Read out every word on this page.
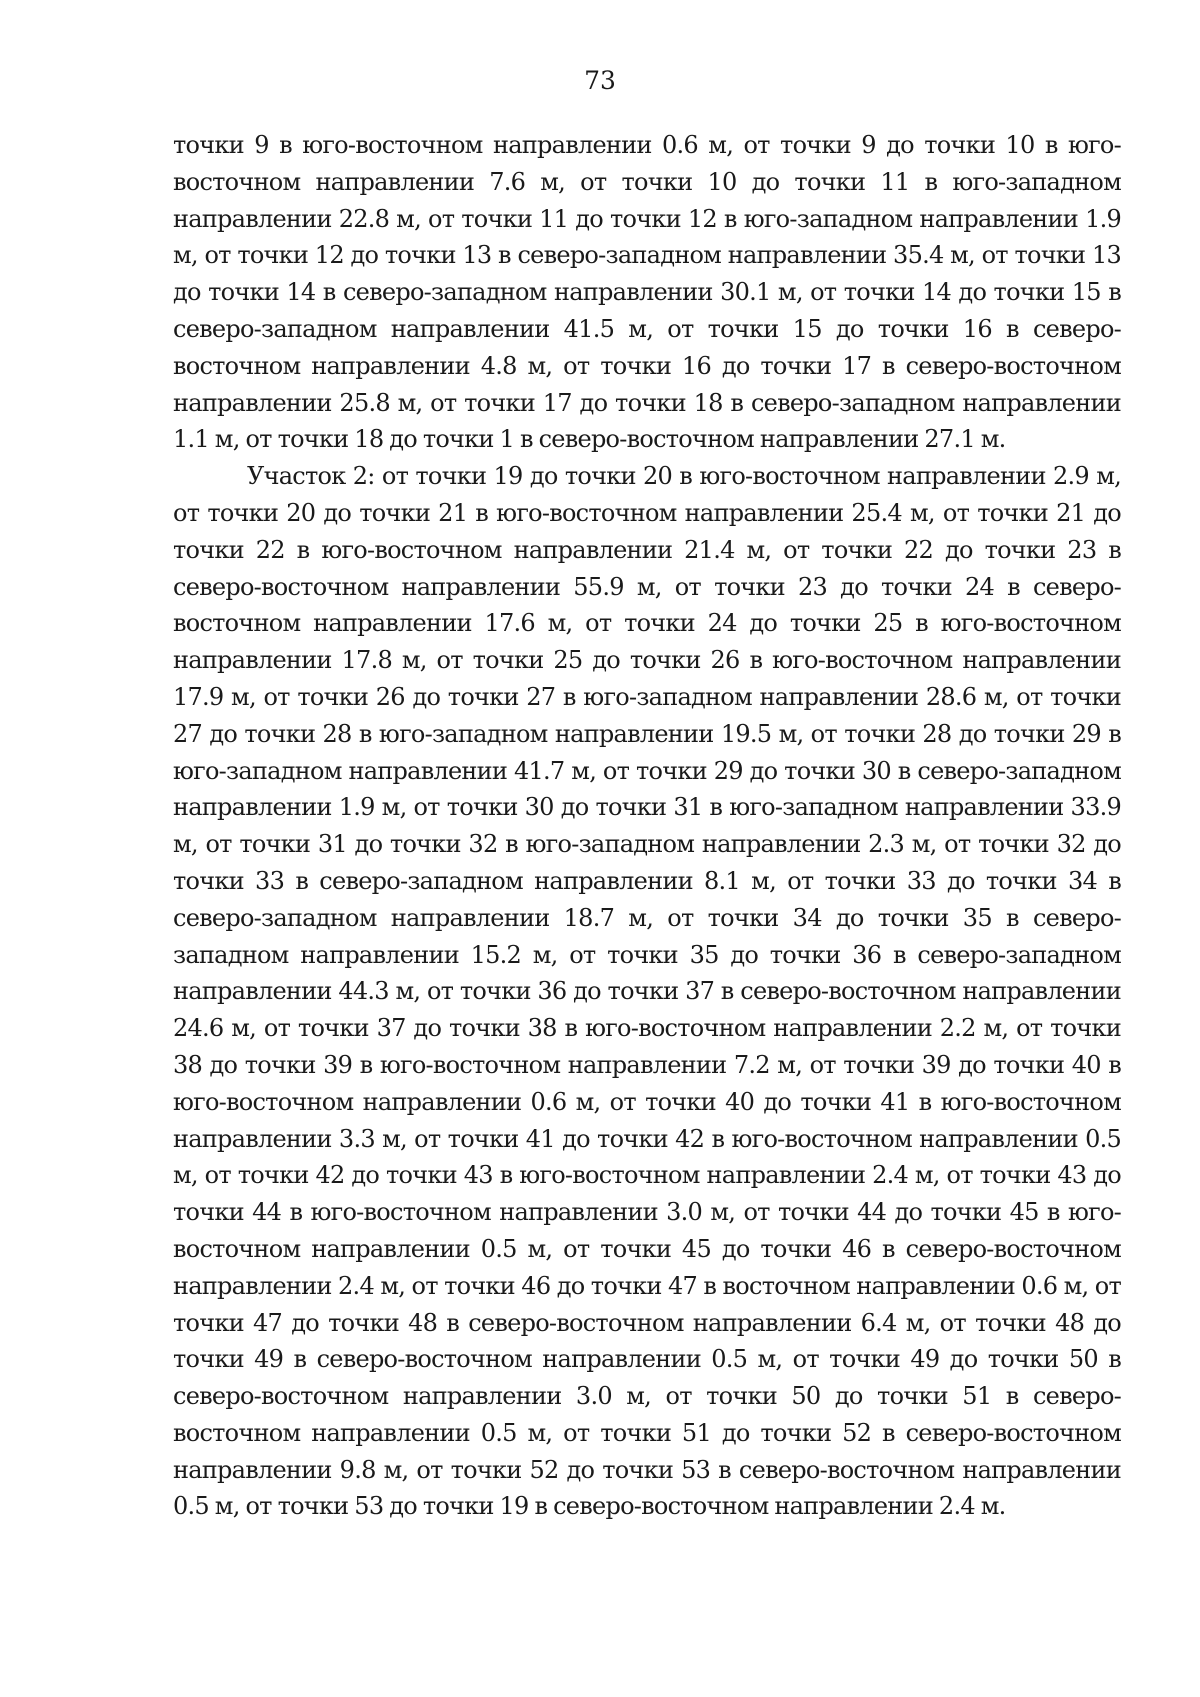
73

точки 9 в юго-восточном направлении 0.6 м, от точки 9 до точки 10 в юго-восточном направлении 7.6 м, от точки 10 до точки 11 в юго-западном направлении 22.8 м, от точки 11 до точки 12 в юго-западном направлении 1.9 м, от точки 12 до точки 13 в северо-западном направлении 35.4 м, от точки 13 до точки 14 в северо-западном направлении 30.1 м, от точки 14 до точки 15 в северо-западном направлении 41.5 м, от точки 15 до точки 16 в северо-восточном направлении 4.8 м, от точки 16 до точки 17 в северо-восточном направлении 25.8 м, от точки 17 до точки 18 в северо-западном направлении 1.1 м, от точки 18 до точки 1 в северо-восточном направлении 27.1 м.

Участок 2: от точки 19 до точки 20 в юго-восточном направлении 2.9 м, от точки 20 до точки 21 в юго-восточном направлении 25.4 м, от точки 21 до точки 22 в юго-восточном направлении 21.4 м, от точки 22 до точки 23 в северо-восточном направлении 55.9 м, от точки 23 до точки 24 в северо-восточном направлении 17.6 м, от точки 24 до точки 25 в юго-восточном направлении 17.8 м, от точки 25 до точки 26 в юго-восточном направлении 17.9 м, от точки 26 до точки 27 в юго-западном направлении 28.6 м, от точки 27 до точки 28 в юго-западном направлении 19.5 м, от точки 28 до точки 29 в юго-западном направлении 41.7 м, от точки 29 до точки 30 в северо-западном направлении 1.9 м, от точки 30 до точки 31 в юго-западном направлении 33.9 м, от точки 31 до точки 32 в юго-западном направлении 2.3 м, от точки 32 до точки 33 в северо-западном направлении 8.1 м, от точки 33 до точки 34 в северо-западном направлении 18.7 м, от точки 34 до точки 35 в северо-западном направлении 15.2 м, от точки 35 до точки 36 в северо-западном направлении 44.3 м, от точки 36 до точки 37 в северо-восточном направлении 24.6 м, от точки 37 до точки 38 в юго-восточном направлении 2.2 м, от точки 38 до точки 39 в юго-восточном направлении 7.2 м, от точки 39 до точки 40 в юго-восточном направлении 0.6 м, от точки 40 до точки 41 в юго-восточном направлении 3.3 м, от точки 41 до точки 42 в юго-восточном направлении 0.5 м, от точки 42 до точки 43 в юго-восточном направлении 2.4 м, от точки 43 до точки 44 в юго-восточном направлении 3.0 м, от точки 44 до точки 45 в юго-восточном направлении 0.5 м, от точки 45 до точки 46 в северо-восточном направлении 2.4 м, от точки 46 до точки 47 в восточном направлении 0.6 м, от точки 47 до точки 48 в северо-восточном направлении 6.4 м, от точки 48 до точки 49 в северо-восточном направлении 0.5 м, от точки 49 до точки 50 в северо-восточном направлении 3.0 м, от точки 50 до точки 51 в северо-восточном направлении 0.5 м, от точки 51 до точки 52 в северо-восточном направлении 9.8 м, от точки 52 до точки 53 в северо-восточном направлении 0.5 м, от точки 53 до точки 19 в северо-восточном направлении 2.4 м.
